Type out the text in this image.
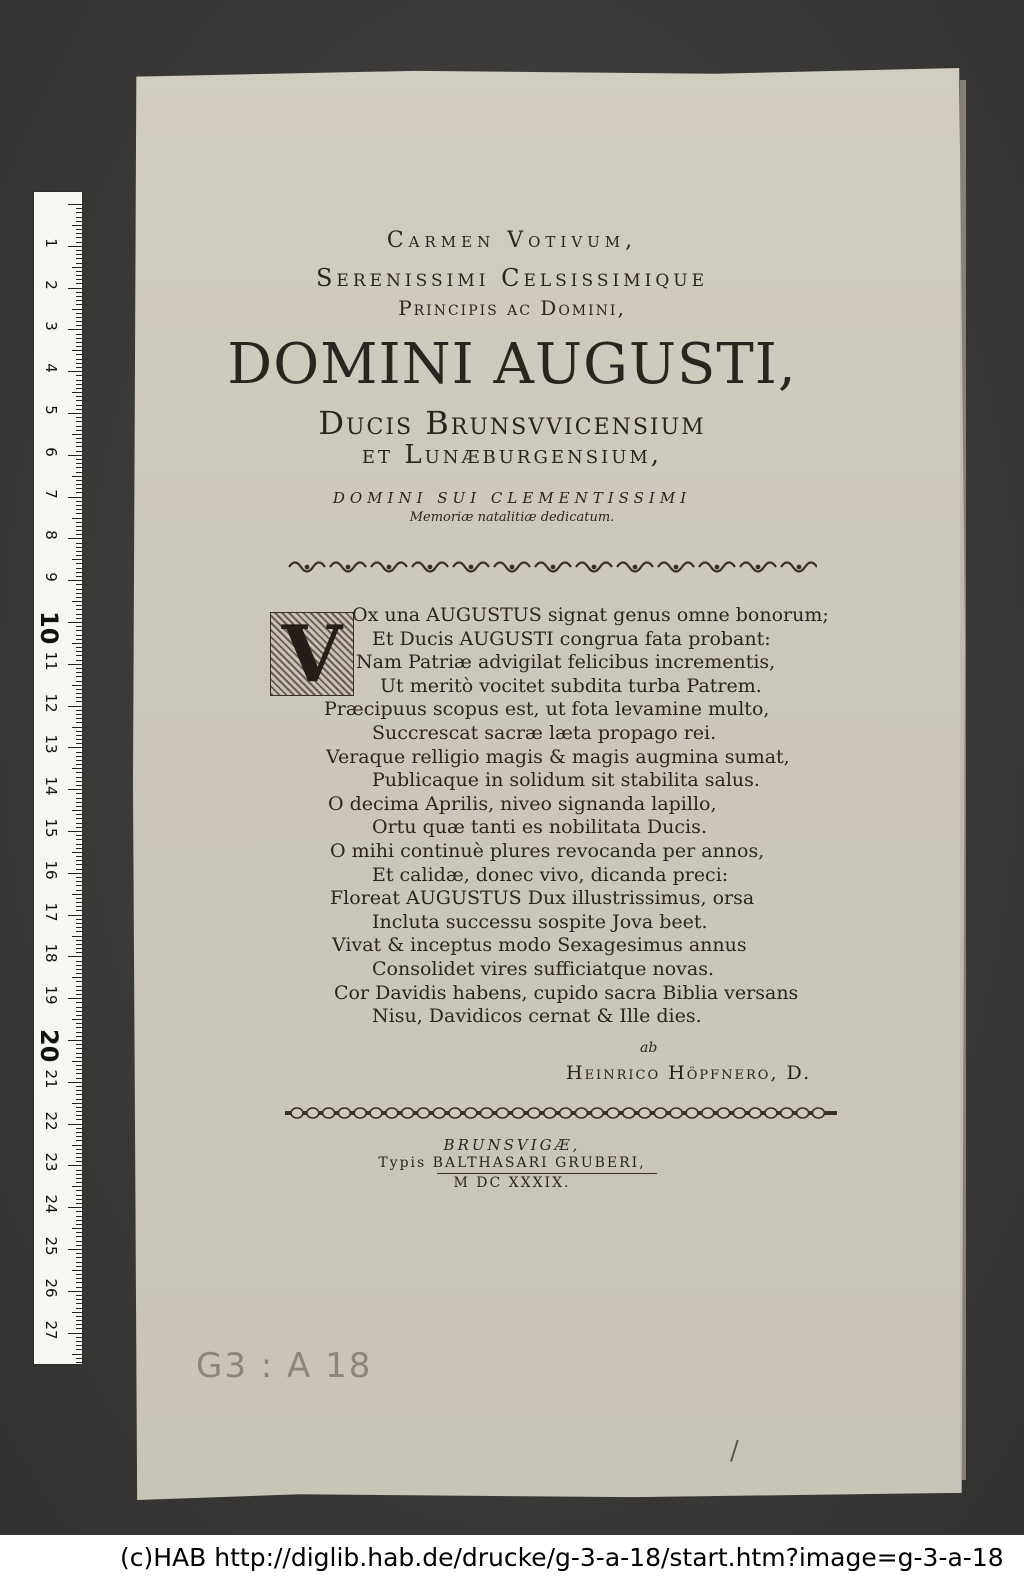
1
2
3
4
5
6
7
8
9
10
11
12
13
14
15
16
17
18
19
20
21
22
23
24
25
26
27
Carmen Votivum,
Serenissimi Celsissimique
Principis ac Domini,
DOMINI AUGUSTI,
Ducis Brunsvvicensium
et Lunæburgensium,
DOMINI SUI CLEMENTISSIMI
Memoriæ natalitiæ dedicatum.
V Ox una AUGUSTUS signat genus omne bonorum;
Et Ducis AUGUSTI congrua fata probant:
Nam Patriæ advigilat felicibus incrementis,
Ut meritò vocitet subdita turba Patrem.
Præcipuus scopus est, ut fota levamine multo,
Succrescat sacræ læta propago rei.
Veraque relligio magis & magis augmina sumat,
Publicaque in solidum sit stabilita salus.
O decima Aprilis, niveo signanda lapillo,
Ortu quæ tanti es nobilitata Ducis.
O mihi continuè plures revocanda per annos,
Et calidæ, donec vivo, dicanda preci:
Floreat AUGUSTUS Dux illustrissimus, orsa
Incluta successu sospite Jova beet.
Vivat & inceptus modo Sexagesimus annus
Consolidet vires sufficiatque novas.
Cor Davidis habens, cupido sacra Biblia versans
Nisu, Davidicos cernat & Ille dies.
ab
Heinrico Höpfnero, D.
BRUNSVIGÆ,
Typis BALTHASARI GRUBERI,
M DC XXXIX.
G3 : A 18
/
(c)HAB http://diglib.hab.de/drucke/g-3-a-18/start.htm?image=g-3-a-18
